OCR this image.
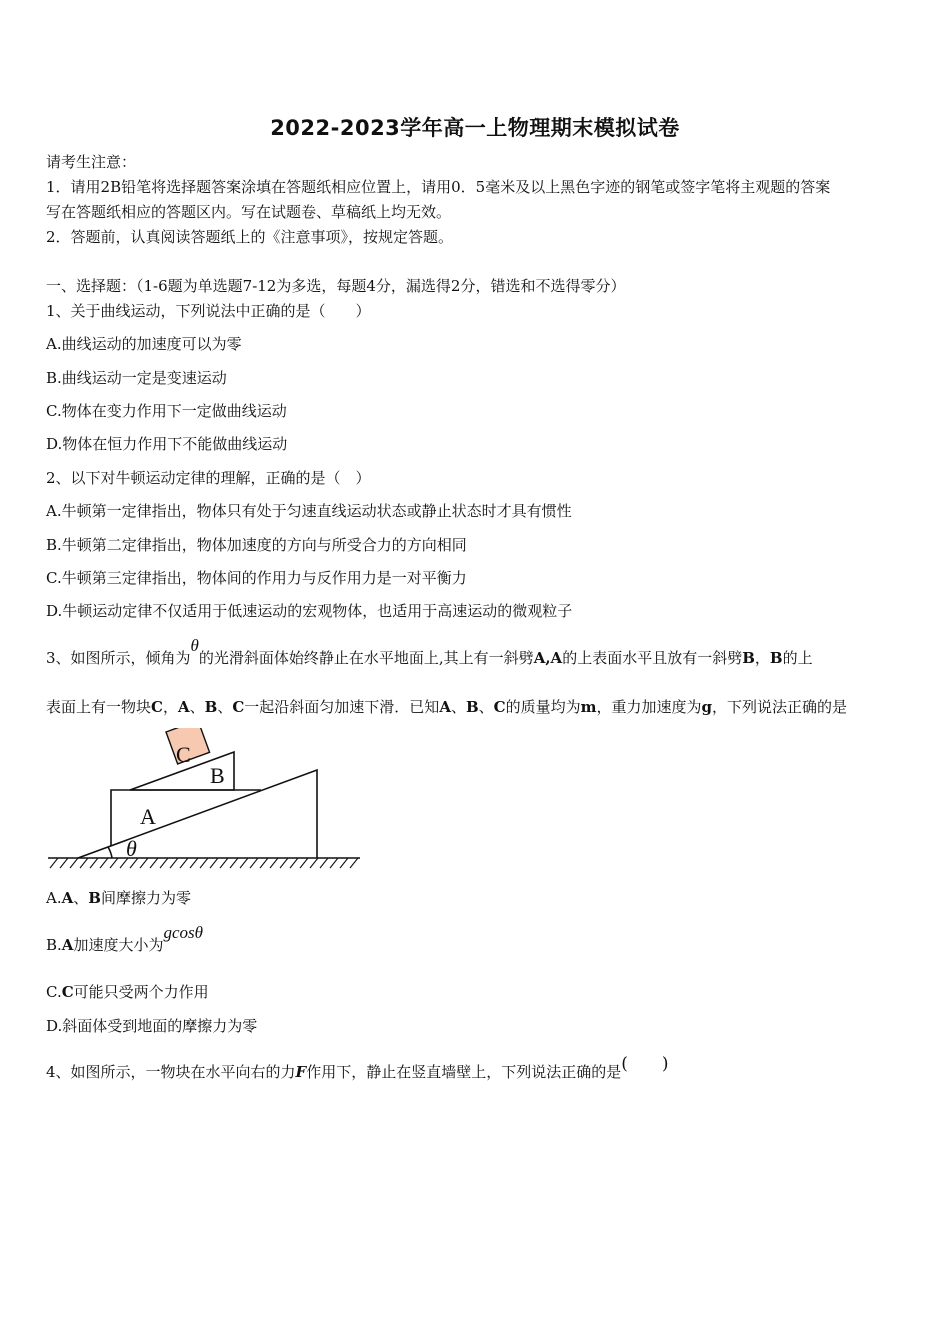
2022-2023学年高一上物理期末模拟试卷
请考生注意：
1．请用2B铅笔将选择题答案涂填在答题纸相应位置上，请用0．5毫米及以上黑色字迹的钢笔或签字笔将主观题的答案
写在答题纸相应的答题区内。写在试题卷、草稿纸上均无效。
2．答题前，认真阅读答题纸上的《注意事项》，按规定答题。
一、选择题：（1-6题为单选题7-12为多选，每题4分，漏选得2分，错选和不选得零分）
1、关于曲线运动，下列说法中正确的是（　　）
A.曲线运动的加速度可以为零
B.曲线运动一定是变速运动
C.物体在变力作用下一定做曲线运动
D.物体在恒力作用下不能做曲线运动
2、以下对牛顿运动定律的理解，正确的是（　）
A.牛顿第一定律指出，物体只有处于匀速直线运动状态或静止状态时才具有惯性
B.牛顿第二定律指出，物体加速度的方向与所受合力的方向相同
C.牛顿第三定律指出，物体间的作用力与反作用力是一对平衡力
D.牛顿运动定律不仅适用于低速运动的宏观物体，也适用于高速运动的微观粒子
3、如图所示，倾角为θ的光滑斜面体始终静止在水平地面上,其上有一斜劈A,A的上表面水平且放有一斜劈B，B的上
表面上有一物块C，A、B、C一起沿斜面匀加速下滑．已知A、B、C的质量均为m，重力加速度为g，下列说法正确的是
C
B
A
θ
A.A、B间摩擦力为零
B.A加速度大小为gcosθ
C.C可能只受两个力作用
D.斜面体受到地面的摩擦力为零
4、如图所示，一物块在水平向右的力F作用下，静止在竖直墙壁上，下列说法正确的是(　　)
